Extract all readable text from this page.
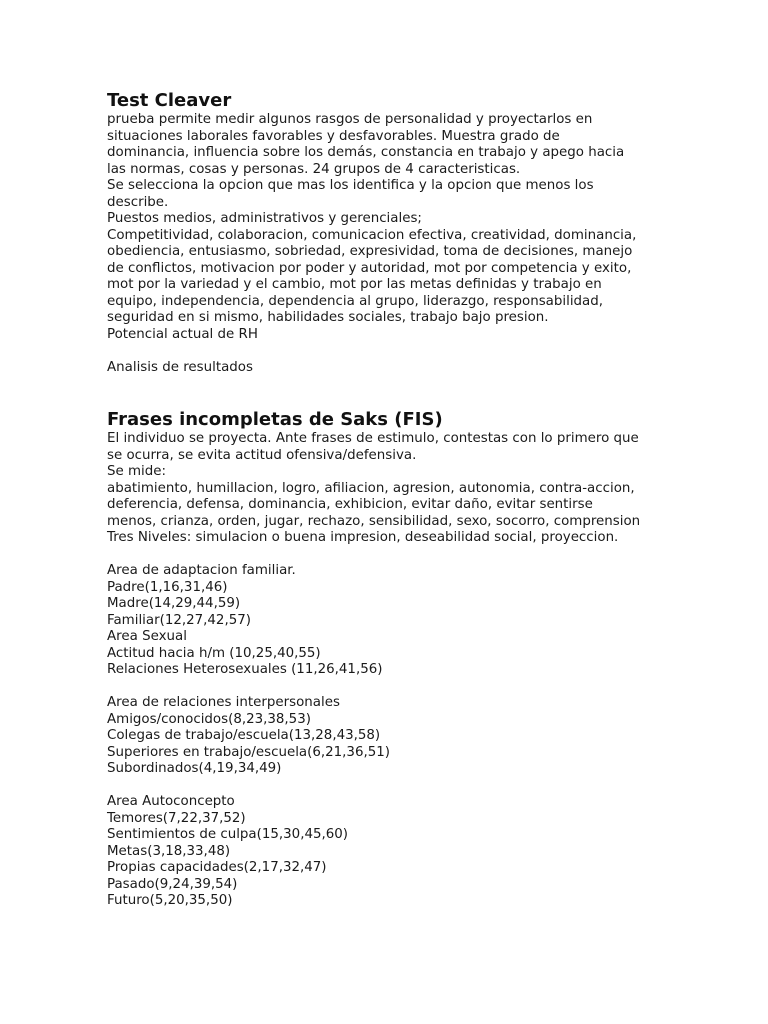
Test Cleaver

prueba permite medir algunos rasgos de personalidad y proyectarlos en

situaciones laborales favorables y desfavorables. Muestra grado de

dominancia, influencia sobre los demás, constancia en trabajo y apego hacia

las normas, cosas y personas. 24 grupos de 4 caracteristicas.

Se selecciona la opcion que mas los identifica y la opcion que menos los

describe.

Puestos medios, administrativos y gerenciales;

Competitividad, colaboracion, comunicacion efectiva, creatividad, dominancia,

obediencia, entusiasmo, sobriedad, expresividad, toma de decisiones, manejo

de conflictos, motivacion por poder y autoridad, mot por competencia y exito,

mot por la variedad y el cambio, mot por las metas definidas y trabajo en

equipo, independencia, dependencia al grupo, liderazgo, responsabilidad,

seguridad en si mismo, habilidades sociales, trabajo bajo presion.

Potencial actual de RH

Analisis de resultados

Frases incompletas de Saks (FIS)

El individuo se proyecta. Ante frases de estimulo, contestas con lo primero que

se ocurra, se evita actitud ofensiva/defensiva.

Se mide:

abatimiento, humillacion, logro, afiliacion, agresion, autonomia, contra-accion,

deferencia, defensa, dominancia, exhibicion, evitar daño, evitar sentirse

menos, crianza, orden, jugar, rechazo, sensibilidad, sexo, socorro, comprension

Tres Niveles: simulacion o buena impresion, deseabilidad social, proyeccion.

Area de adaptacion familiar.

Padre(1,16,31,46)

Madre(14,29,44,59)

Familiar(12,27,42,57)

Area Sexual

Actitud hacia h/m (10,25,40,55)

Relaciones Heterosexuales (11,26,41,56)

Area de relaciones interpersonales

Amigos/conocidos(8,23,38,53)

Colegas de trabajo/escuela(13,28,43,58)

Superiores en trabajo/escuela(6,21,36,51)

Subordinados(4,19,34,49)

Area Autoconcepto

Temores(7,22,37,52)

Sentimientos de culpa(15,30,45,60)

Metas(3,18,33,48)

Propias capacidades(2,17,32,47)

Pasado(9,24,39,54)

Futuro(5,20,35,50)
